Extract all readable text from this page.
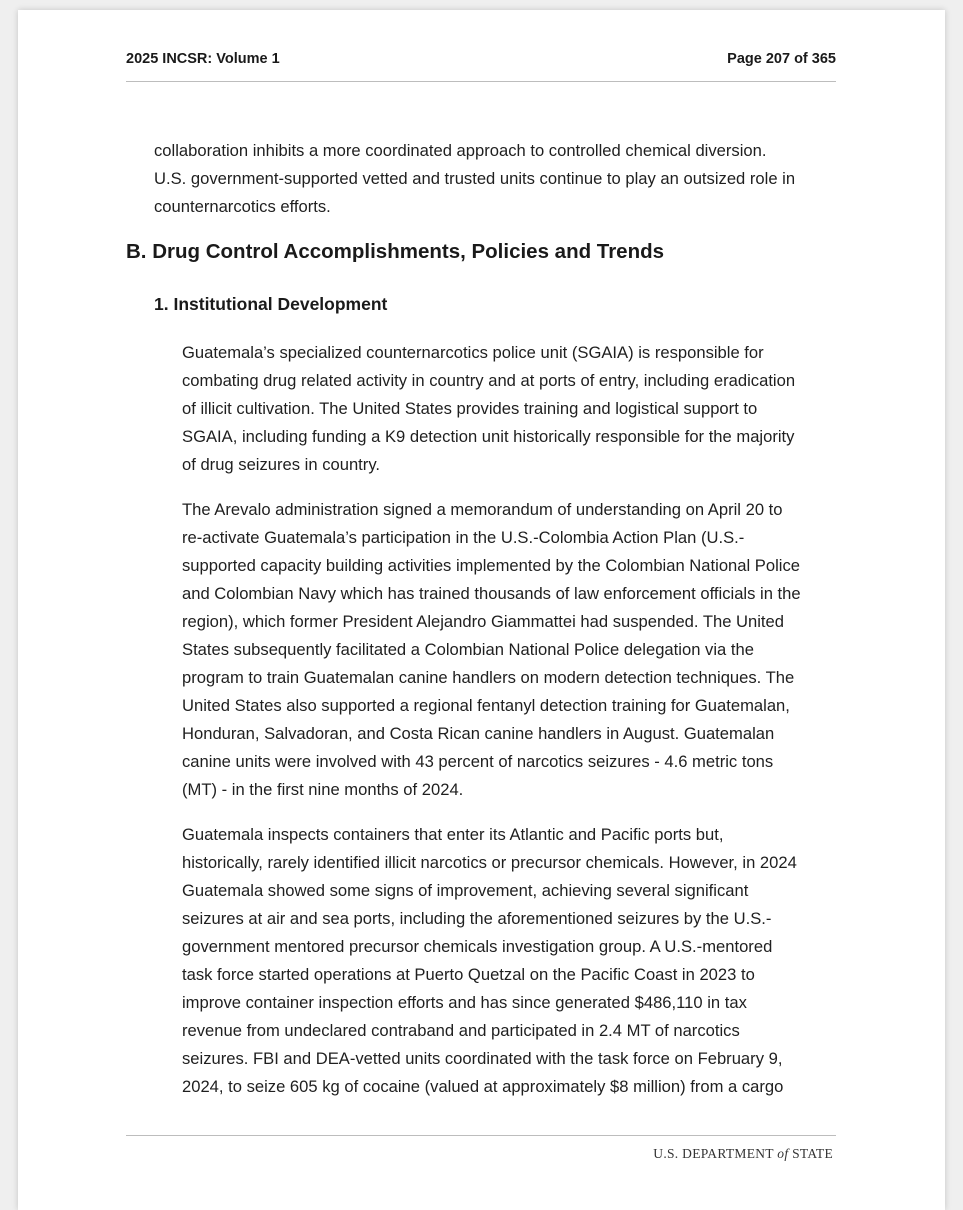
2025 INCSR: Volume 1	Page 207 of 365
collaboration inhibits a more coordinated approach to controlled chemical diversion.
U.S. government-supported vetted and trusted units continue to play an outsized role in
counternarcotics efforts.
B. Drug Control Accomplishments, Policies and Trends
1. Institutional Development
Guatemala’s specialized counternarcotics police unit (SGAIA) is responsible for
combating drug related activity in country and at ports of entry, including eradication
of illicit cultivation. The United States provides training and logistical support to
SGAIA, including funding a K9 detection unit historically responsible for the majority
of drug seizures in country.
The Arevalo administration signed a memorandum of understanding on April 20 to
re-activate Guatemala’s participation in the U.S.-Colombia Action Plan (U.S.-
supported capacity building activities implemented by the Colombian National Police
and Colombian Navy which has trained thousands of law enforcement officials in the
region), which former President Alejandro Giammattei had suspended. The United
States subsequently facilitated a Colombian National Police delegation via the
program to train Guatemalan canine handlers on modern detection techniques. The
United States also supported a regional fentanyl detection training for Guatemalan,
Honduran, Salvadoran, and Costa Rican canine handlers in August. Guatemalan
canine units were involved with 43 percent of narcotics seizures - 4.6 metric tons
(MT) - in the first nine months of 2024.
Guatemala inspects containers that enter its Atlantic and Pacific ports but,
historically, rarely identified illicit narcotics or precursor chemicals. However, in 2024
Guatemala showed some signs of improvement, achieving several significant
seizures at air and sea ports, including the aforementioned seizures by the U.S.-
government mentored precursor chemicals investigation group. A U.S.-mentored
task force started operations at Puerto Quetzal on the Pacific Coast in 2023 to
improve container inspection efforts and has since generated $486,110 in tax
revenue from undeclared contraband and participated in 2.4 MT of narcotics
seizures. FBI and DEA-vetted units coordinated with the task force on February 9,
2024, to seize 605 kg of cocaine (valued at approximately $8 million) from a cargo
U.S. DEPARTMENT of STATE
